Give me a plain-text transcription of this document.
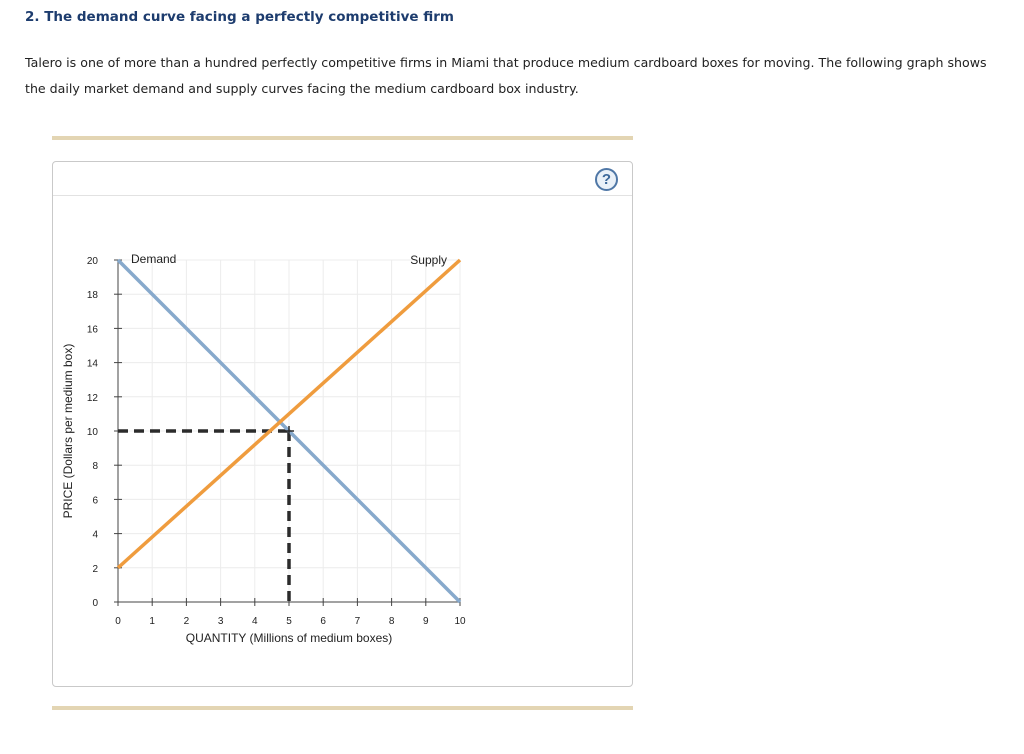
2. The demand curve facing a perfectly competitive firm

Talero is one of more than a hundred perfectly competitive firms in Miami that produce medium cardboard boxes for moving. The following graph shows the daily market demand and supply curves facing the medium cardboard box industry.

?
0
2
4
6
8
10
12
14
16
18
20
0	1	2	3	4	5	6	7	8	9	10
QUANTITY (Millions of medium boxes)
PRICE (Dollars per medium box)
Demand	Supply
